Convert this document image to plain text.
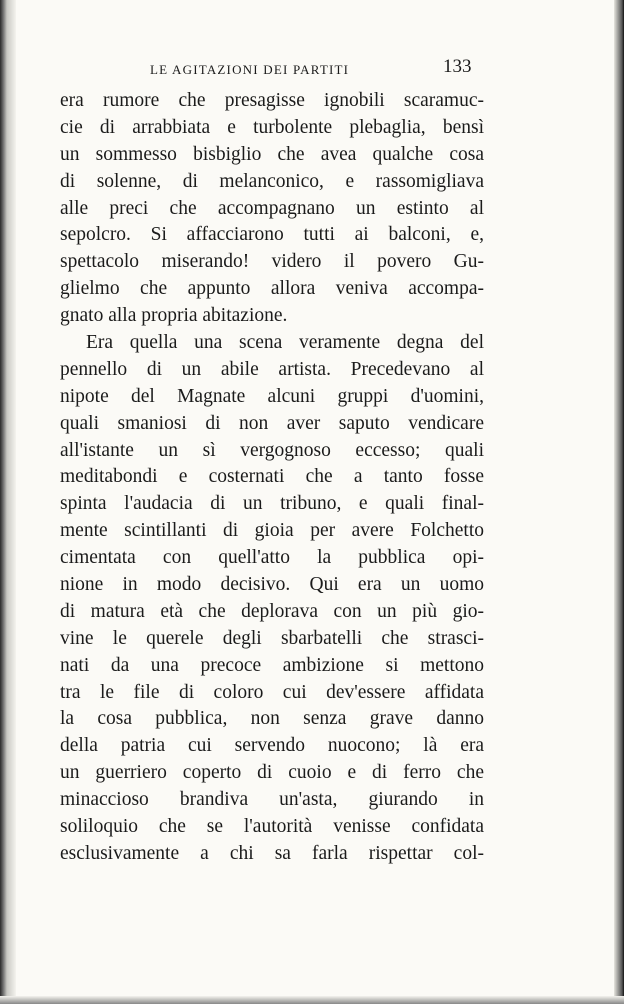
LE AGITAZIONI DEI PARTITI	133
era rumore che presagisse ignobili scaramuc-
cie di arrabbiata e turbolente plebaglia, bensì
un sommesso bisbiglio che avea qualche cosa
di solenne, di melanconico, e rassomigliava
alle preci che accompagnano un estinto al
sepolcro. Si affacciarono tutti ai balconi, e,
spettacolo miserando! videro il povero Gu-
glielmo che appunto allora veniva accompa-
gnato alla propria abitazione.
Era quella una scena veramente degna del
pennello di un abile artista. Precedevano al
nipote del Magnate alcuni gruppi d'uomini,
quali smaniosi di non aver saputo vendicare
all'istante un sì vergognoso eccesso; quali
meditabondi e costernati che a tanto fosse
spinta l'audacia di un tribuno, e quali final-
mente scintillanti di gioia per avere Folchetto
cimentata con quell'atto la pubblica opi-
nione in modo decisivo. Qui era un uomo
di matura età che deplorava con un più gio-
vine le querele degli sbarbatelli che strasci-
nati da una precoce ambizione si mettono
tra le file di coloro cui dev'essere affidata
la cosa pubblica, non senza grave danno
della patria cui servendo nuocono; là era
un guerriero coperto di cuoio e di ferro che
minaccioso brandiva un'asta, giurando in
soliloquio che se l'autorità venisse confidata
esclusivamente a chi sa farla rispettar col-
